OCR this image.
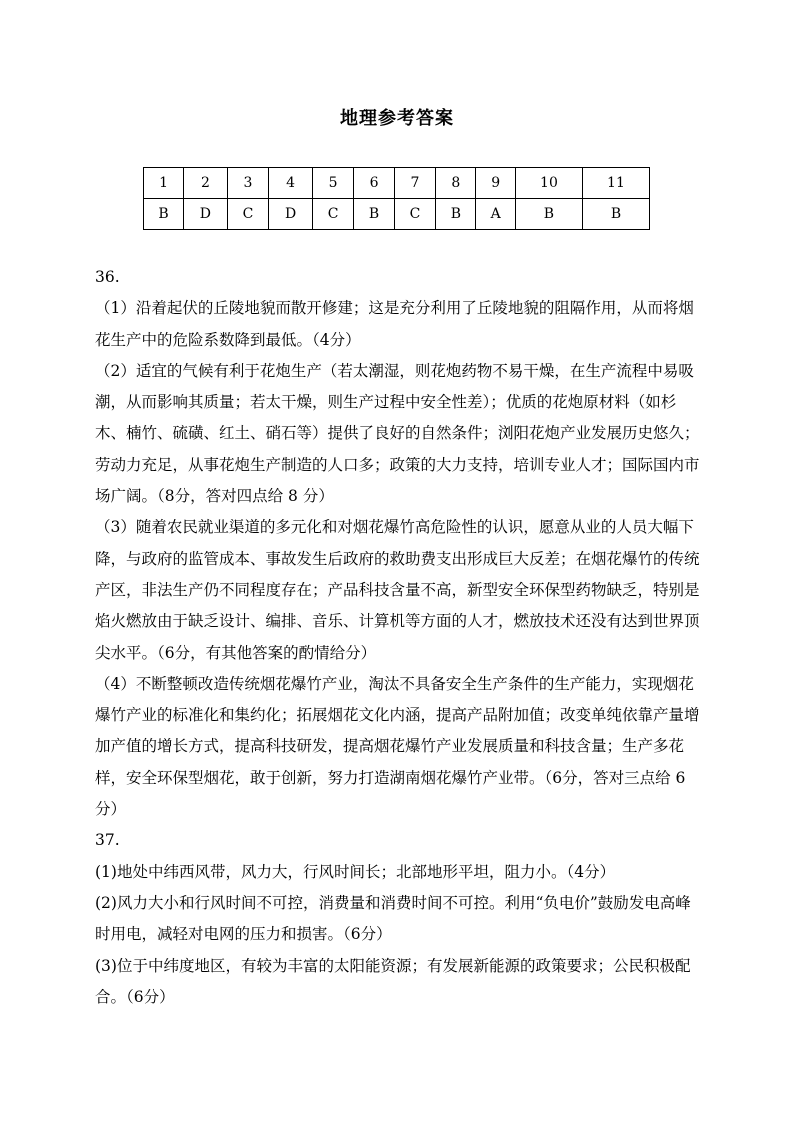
地理参考答案
1	2	3	4	5	6	7	8	9	10	11
B	D	C	D	C	B	C	B	A	B	B

36.

（1）沿着起伏的丘陵地貌而散开修建；这是充分利用了丘陵地貌的阻隔作用，从而将烟花生产中的危险系数降到最低。（4分）

（2）适宜的气候有利于花炮生产（若太潮湿，则花炮药物不易干燥，在生产流程中易吸潮，从而影响其质量；若太干燥，则生产过程中安全性差）；优质的花炮原材料（如杉木、楠竹、硫磺、红土、硝石等）提供了良好的自然条件；浏阳花炮产业发展历史悠久；劳动力充足，从事花炮生产制造的人口多；政策的大力支持，培训专业人才；国际国内市场广阔。（8分，答对四点给 8 分）

（3）随着农民就业渠道的多元化和对烟花爆竹高危险性的认识，愿意从业的人员大幅下降，与政府的监管成本、事故发生后政府的救助费支出形成巨大反差；在烟花爆竹的传统产区，非法生产仍不同程度存在；产品科技含量不高，新型安全环保型药物缺乏，特别是焰火燃放由于缺乏设计、编排、音乐、计算机等方面的人才，燃放技术还没有达到世界顶尖水平。（6分，有其他答案的酌情给分）

（4）不断整顿改造传统烟花爆竹产业，淘汰不具备安全生产条件的生产能力，实现烟花爆竹产业的标准化和集约化；拓展烟花文化内涵，提高产品附加值；改变单纯依靠产量增加产值的增长方式，提高科技研发，提高烟花爆竹产业发展质量和科技含量；生产多花样，安全环保型烟花，敢于创新，努力打造湖南烟花爆竹产业带。（6分，答对三点给 6 分）

37.

(1)地处中纬西风带，风力大，行风时间长；北部地形平坦，阻力小。（4分）

(2)风力大小和行风时间不可控，消费量和消费时间不可控。利用“负电价”鼓励发电高峰时用电，减轻对电网的压力和损害。（6分）

(3)位于中纬度地区，有较为丰富的太阳能资源；有发展新能源的政策要求；公民积极配合。（6分）
